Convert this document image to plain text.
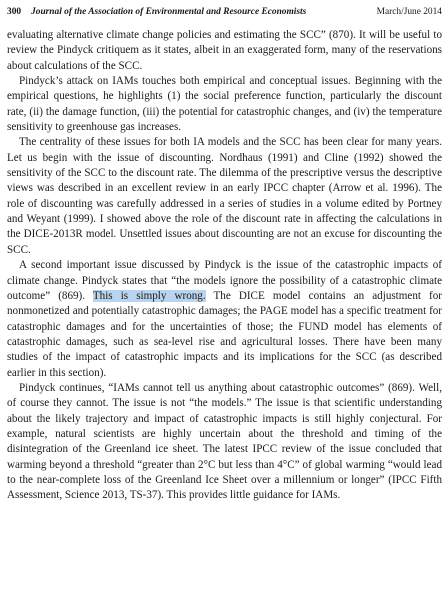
300 Journal of the Association of Environmental and Resource Economists	March/June 2014

evaluating alternative climate change policies and estimating the SCC” (870). It will be useful to review the Pindyck critiquem as it states, albeit in an exaggerated form, many of the reservations about calculations of the SCC.

Pindyck’s attack on IAMs touches both empirical and conceptual issues. Beginning with the empirical questions, he highlights (1) the social preference function, particularly the discount rate, (ii) the damage function, (iii) the potential for catastrophic changes, and (iv) the temperature sensitivity to greenhouse gas increases.

The centrality of these issues for both IA models and the SCC has been clear for many years. Let us begin with the issue of discounting. Nordhaus (1991) and Cline (1992) showed the sensitivity of the SCC to the discount rate. The dilemma of the prescriptive versus the descriptive views was described in an excellent review in an early IPCC chapter (Arrow et al. 1996). The role of discounting was carefully addressed in a series of studies in a volume edited by Portney and Weyant (1999). I showed above the role of the discount rate in affecting the calculations in the DICE-2013R model. Unsettled issues about discounting are not an excuse for discounting the SCC.

A second important issue discussed by Pindyck is the issue of the catastrophic impacts of climate change. Pindyck states that “the models ignore the possibility of a catastrophic climate outcome” (869). This is simply wrong. The DICE model contains an adjustment for nonmonetized and potentially catastrophic damages; the PAGE model has a specific treatment for catastrophic damages and for the uncertainties of those; the FUND model has elements of catastrophic damages, such as sea-level rise and agricultural losses. There have been many studies of the impact of catastrophic impacts and its implications for the SCC (as described earlier in this section).

Pindyck continues, “IAMs cannot tell us anything about catastrophic outcomes” (869). Well, of course they cannot. The issue is not “the models.” The issue is that scientific understanding about the likely trajectory and impact of catastrophic impacts is still highly conjectural. For example, natural scientists are highly uncertain about the threshold and timing of the disintegration of the Greenland ice sheet. The latest IPCC review of the issue concluded that warming beyond a threshold “greater than 2°C but less than 4°C” of global warming “would lead to the near-complete loss of the Greenland Ice Sheet over a millennium or longer” (IPCC Fifth Assessment, Science 2013, TS-37). This provides little guidance for IAMs.
